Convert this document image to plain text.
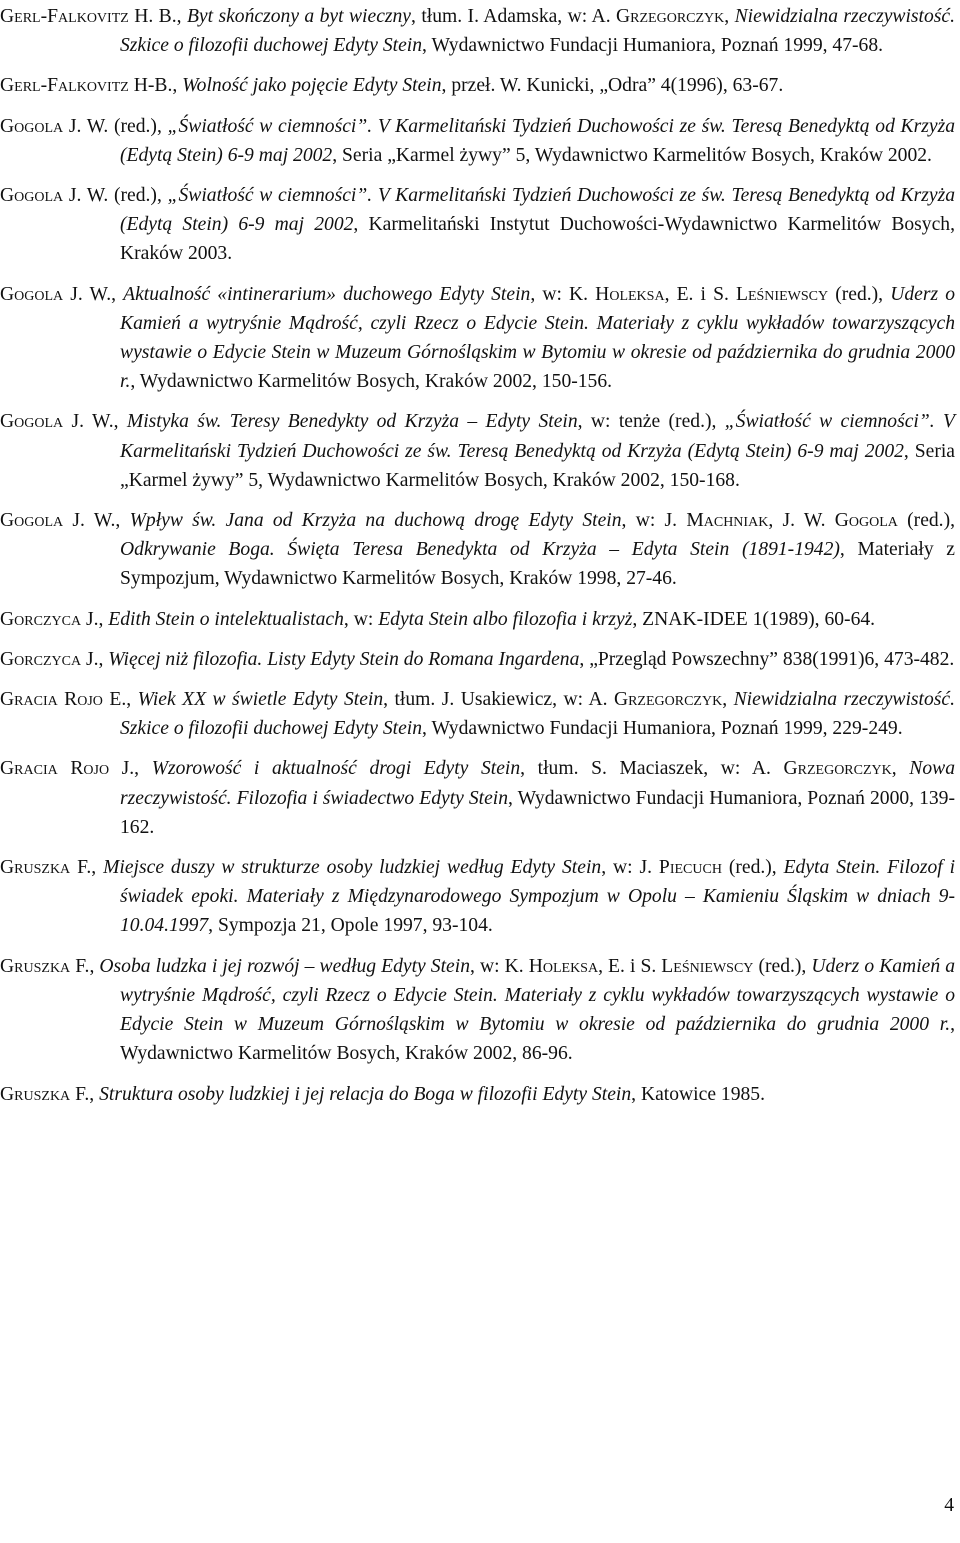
Gerl-Falkovitz H. B., Byt skończony a byt wieczny, tłum. I. Adamska, w: A. Grzegorczyk, Niewidzialna rzeczywistość. Szkice o filozofii duchowej Edyty Stein, Wydawnictwo Fundacji Humaniora, Poznań 1999, 47-68.

Gerl-Falkovitz H-B., Wolność jako pojęcie Edyty Stein, przeł. W. Kunicki, „Odra” 4(1996), 63-67.

Gogola J. W. (red.), „Światłość w ciemności”. V Karmelitański Tydzień Duchowości ze św. Teresą Benedyktą od Krzyża (Edytą Stein) 6-9 maj 2002, Seria „Karmel żywy” 5, Wydawnictwo Karmelitów Bosych, Kraków 2002.

Gogola J. W. (red.), „Światłość w ciemności”. V Karmelitański Tydzień Duchowości ze św. Teresą Benedyktą od Krzyża (Edytą Stein) 6-9 maj 2002, Karmelitański Instytut Duchowości-Wydawnictwo Karmelitów Bosych, Kraków 2003.

Gogola J. W., Aktualność «intinerarium» duchowego Edyty Stein, w: K. Holeksa, E. i S. Leśniewscy (red.), Uderz o Kamień a wytryśnie Mądrość, czyli Rzecz o Edycie Stein. Materiały z cyklu wykładów towarzyszących wystawie o Edycie Stein w Muzeum Górnośląskim w Bytomiu w okresie od października do grudnia 2000 r., Wydawnictwo Karmelitów Bosych, Kraków 2002, 150-156.

Gogola J. W., Mistyka św. Teresy Benedykty od Krzyża – Edyty Stein, w: tenże (red.), „Światłość w ciemności”. V Karmelitański Tydzień Duchowości ze św. Teresą Benedyktą od Krzyża (Edytą Stein) 6-9 maj 2002, Seria „Karmel żywy” 5, Wydawnictwo Karmelitów Bosych, Kraków 2002, 150-168.

Gogola J. W., Wpływ św. Jana od Krzyża na duchową drogę Edyty Stein, w: J. Machniak, J. W. Gogola (red.), Odkrywanie Boga. Święta Teresa Benedykta od Krzyża – Edyta Stein (1891-1942), Materiały z Sympozjum, Wydawnictwo Karmelitów Bosych, Kraków 1998, 27-46.

Gorczyca J., Edith Stein o intelektualistach, w: Edyta Stein albo filozofia i krzyż, ZNAK-IDEE 1(1989), 60-64.

Gorczyca J., Więcej niż filozofia. Listy Edyty Stein do Romana Ingardena, „Przegląd Powszechny” 838(1991)6, 473-482.

Gracia Rojo E., Wiek XX w świetle Edyty Stein, tłum. J. Usakiewicz, w: A. Grzegorczyk, Niewidzialna rzeczywistość. Szkice o filozofii duchowej Edyty Stein, Wydawnictwo Fundacji Humaniora, Poznań 1999, 229-249.

Gracia Rojo J., Wzorowość i aktualność drogi Edyty Stein, tłum. S. Maciaszek, w: A. Grzegorczyk, Nowa rzeczywistość. Filozofia i świadectwo Edyty Stein, Wydawnictwo Fundacji Humaniora, Poznań 2000, 139-162.

Gruszka F., Miejsce duszy w strukturze osoby ludzkiej według Edyty Stein, w: J. Piecuch (red.), Edyta Stein. Filozof i świadek epoki. Materiały z Międzynarodowego Sympozjum w Opolu – Kamieniu Śląskim w dniach 9-10.04.1997, Sympozja 21, Opole 1997, 93-104.

Gruszka F., Osoba ludzka i jej rozwój – według Edyty Stein, w: K. Holeksa, E. i S. Leśniewscy (red.), Uderz o Kamień a wytryśnie Mądrość, czyli Rzecz o Edycie Stein. Materiały z cyklu wykładów towarzyszących wystawie o Edycie Stein w Muzeum Górnośląskim w Bytomiu w okresie od października do grudnia 2000 r., Wydawnictwo Karmelitów Bosych, Kraków 2002, 86-96.

Gruszka F., Struktura osoby ludzkiej i jej relacja do Boga w filozofii Edyty Stein, Katowice 1985.

4
